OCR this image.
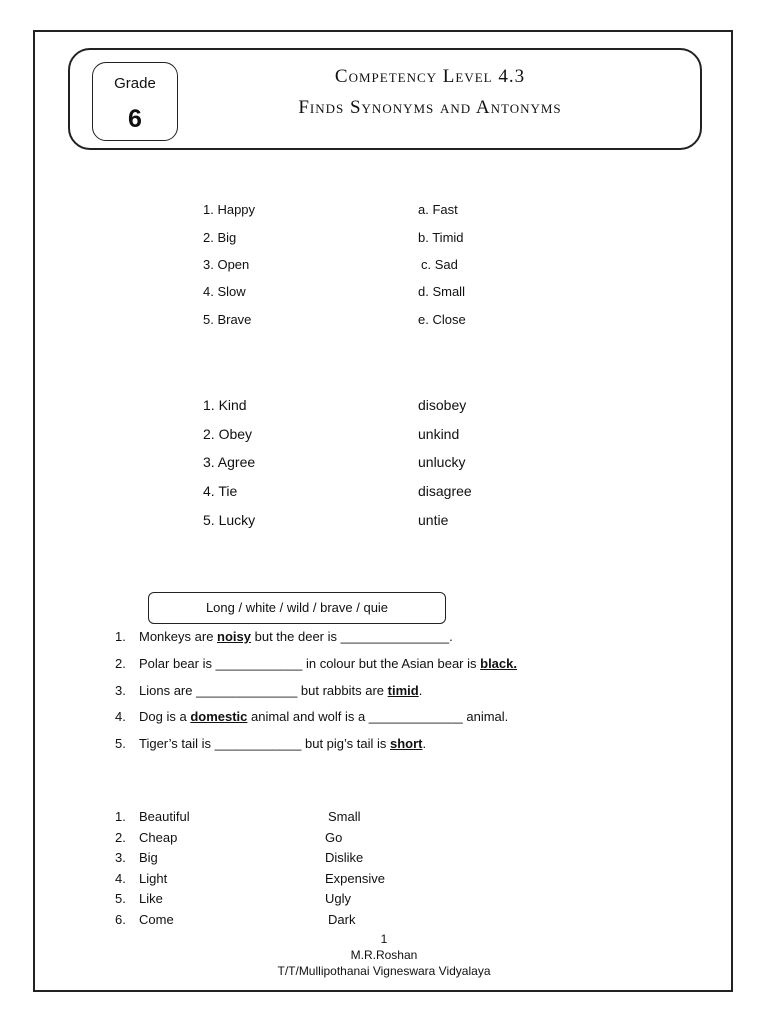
Grade
6
Competency Level 4.3
Finds Synonyms and Antonyms
1. Happy
2. Big
3. Open
4. Slow
5. Brave
a. Fast
b. Timid
c. Sad
d. Small
e. Close
1. Kind
2. Obey
3. Agree
4. Tie
5. Lucky
disobey
unkind
unlucky
disagree
untie
Long / white / wild / brave / quie
1. Monkeys are noisy but the deer is _______________.
2. Polar bear is ____________ in colour but the Asian bear is black.
3. Lions are ______________ but rabbits are timid.
4. Dog is a domestic animal and wolf is a _____________ animal.
5. Tiger’s tail is ____________ but pig’s tail is short.
1. Beautiful
2. Cheap
3. Big
4. Light
5. Like
6. Come
Small
Go
Dislike
Expensive
Ugly
Dark
1
M.R.Roshan
T/T/Mullipothanai Vigneswara Vidyalaya
